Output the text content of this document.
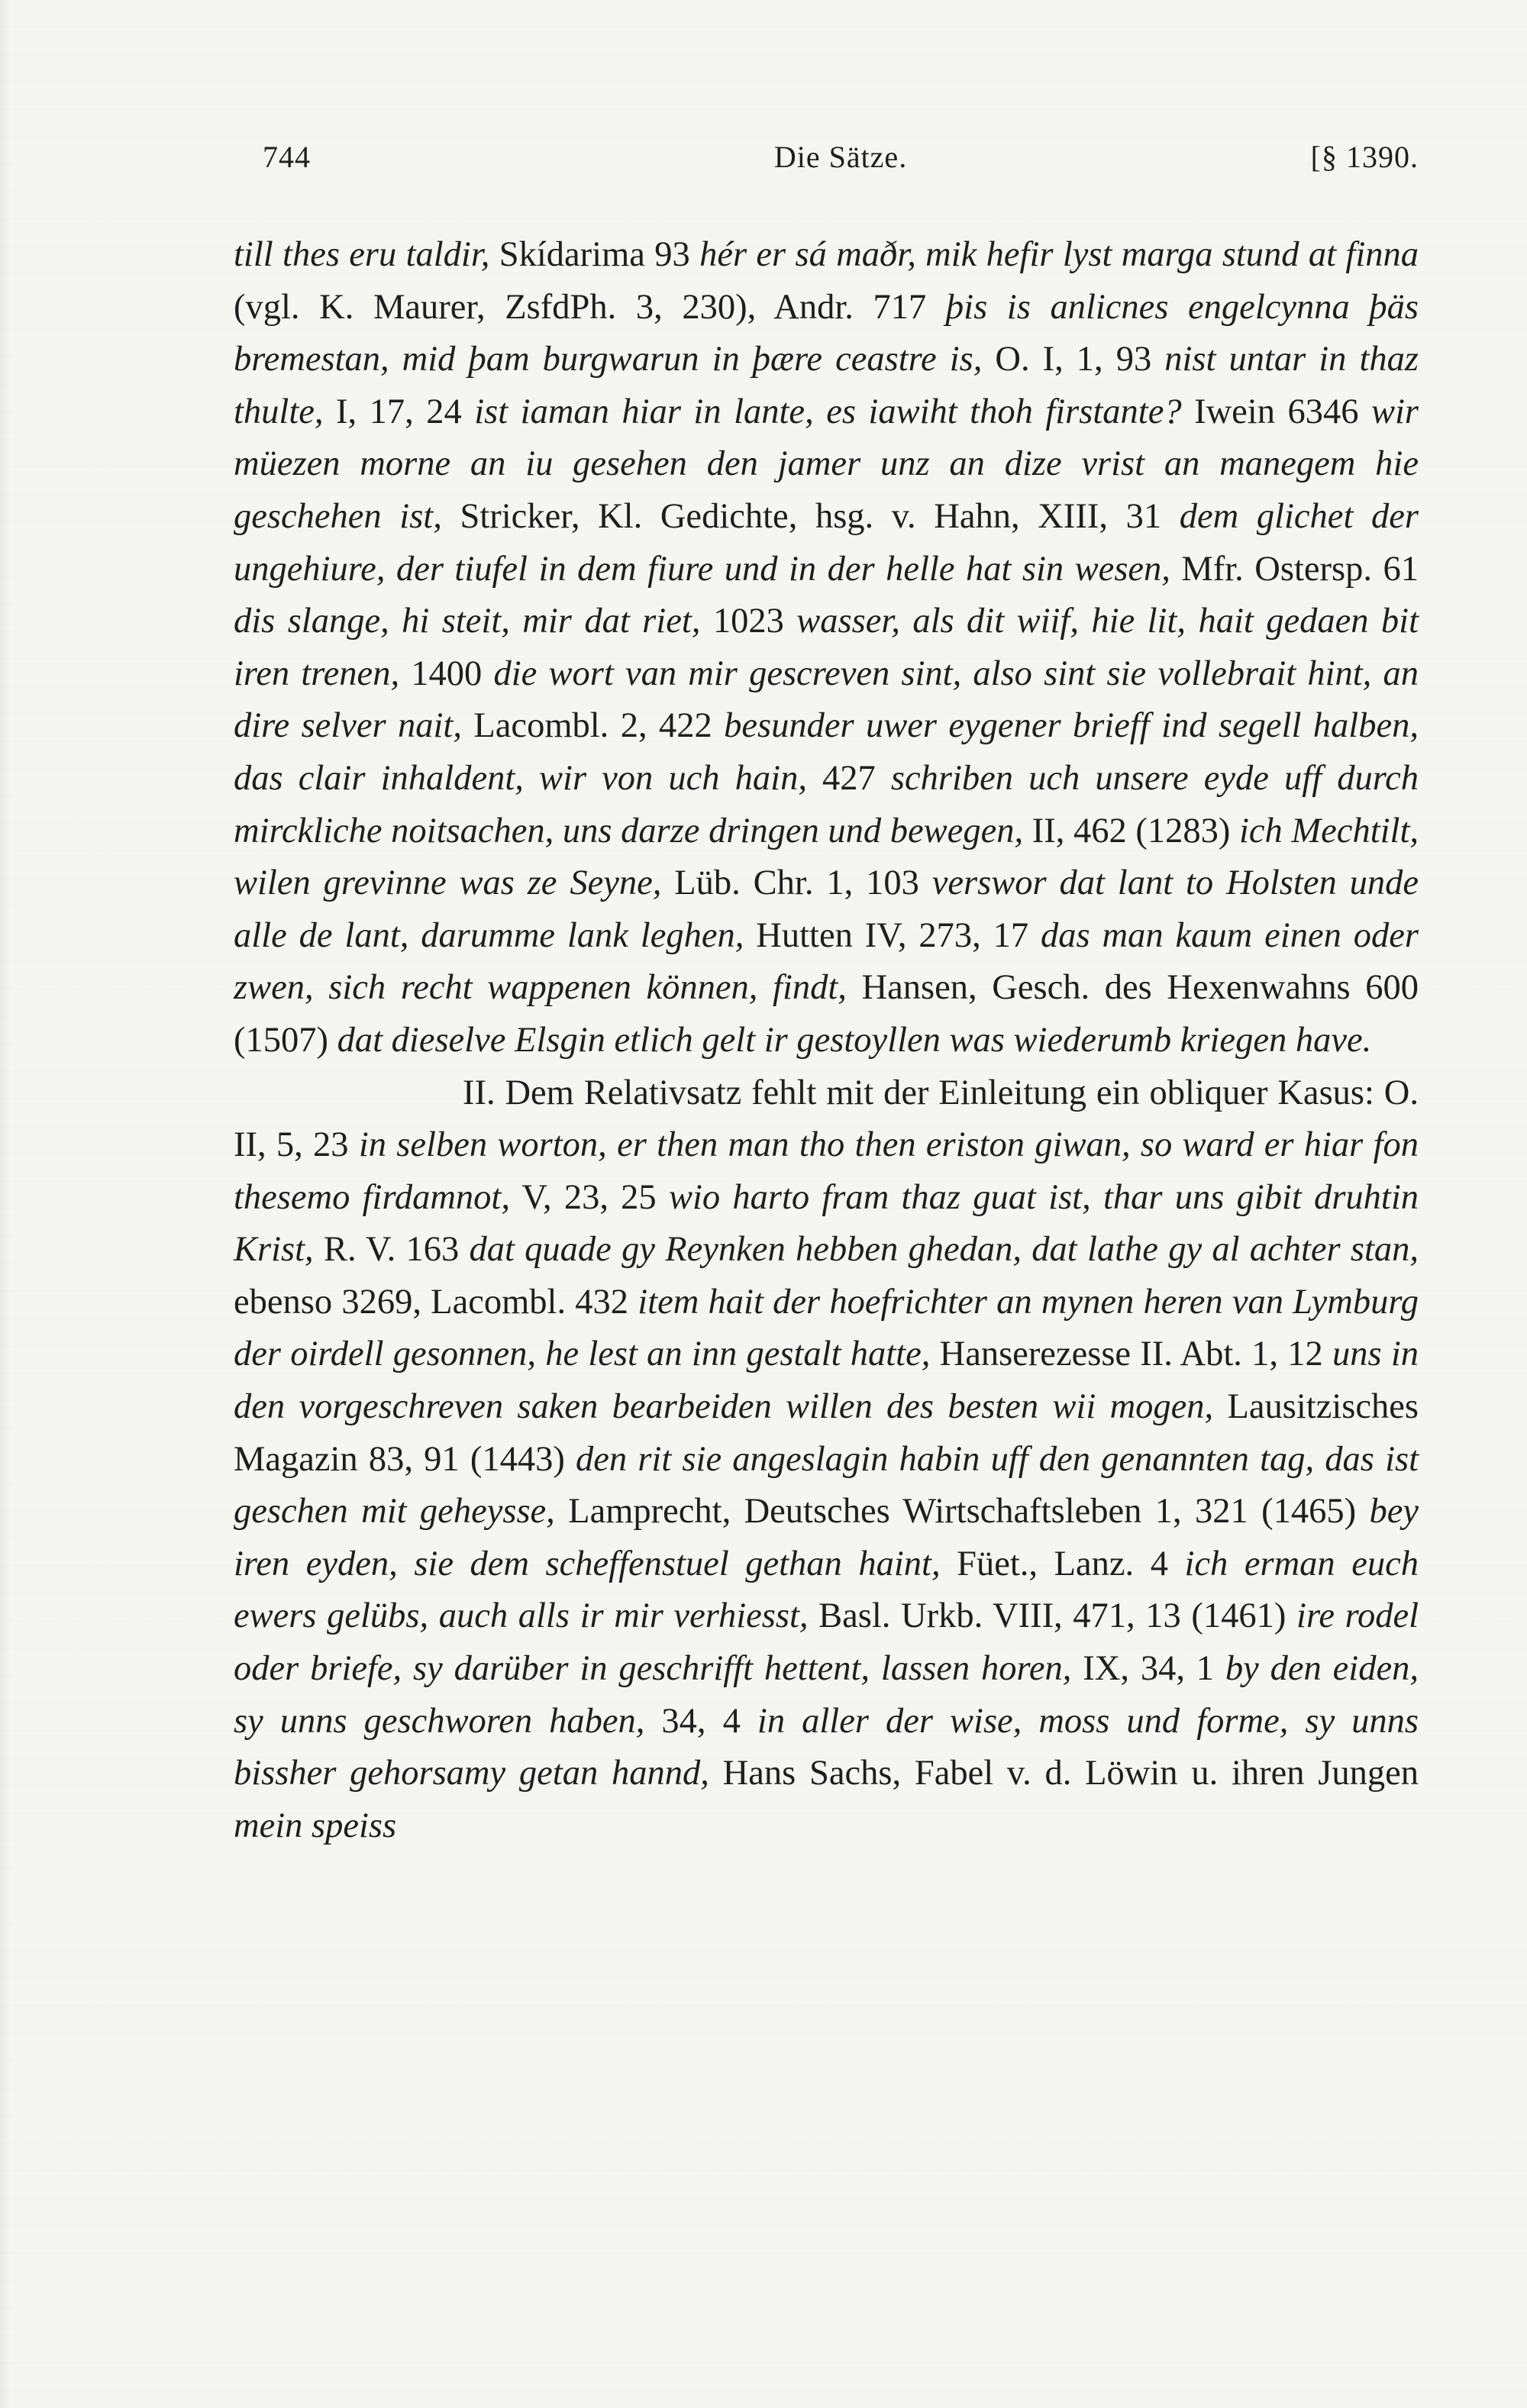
744	Die Sätze.	[§ 1390.

till thes eru taldir, Skídarima 93 hér er sá maðr, mik hefir lyst marga stund at finna (vgl. K. Maurer, ZsfdPh. 3, 230), Andr. 717 þis is anlicnes engelcynna þäs bremestan, mid þam burgwarun in þære ceastre is, O. I, 1, 93 nist untar in thaz thulte, I, 17, 24 ist iaman hiar in lante, es iawiht thoh firstante? Iwein 6346 wir müezen morne an iu gesehen den jamer unz an dize vrist an manegem hie geschehen ist, Stricker, Kl. Gedichte, hsg. v. Hahn, XIII, 31 dem glichet der ungehiure, der tiufel in dem fiure und in der helle hat sin wesen, Mfr. Ostersp. 61 dis slange, hi steit, mir dat riet, 1023 wasser, als dit wiif, hie lit, hait gedaen bit iren trenen, 1400 die wort van mir gescreven sint, also sint sie vollebrait hint, an dire selver nait, Lacombl. 2, 422 besunder uwer eygener brieff ind segell halben, das clair inhaldent, wir von uch hain, 427 schriben uch unsere eyde uff durch mirckliche noitsachen, uns darze dringen und bewegen, II, 462 (1283) ich Mechtilt, wilen grevinne was ze Seyne, Lüb. Chr. 1, 103 verswor dat lant to Holsten unde alle de lant, darumme lank leghen, Hutten IV, 273, 17 das man kaum einen oder zwen, sich recht wappenen können, findt, Hansen, Gesch. des Hexenwahns 600 (1507) dat dieselve Elsgin etlich gelt ir gestoyllen was wiederumb kriegen have.

II. Dem Relativsatz fehlt mit der Einleitung ein obliquer Kasus: O. II, 5, 23 in selben worton, er then man tho then eriston giwan, so ward er hiar fon thesemo firdamnot, V, 23, 25 wio harto fram thaz guat ist, thar uns gibit druhtin Krist, R. V. 163 dat quade gy Reynken hebben ghedan, dat lathe gy al achter stan, ebenso 3269, Lacombl. 432 item hait der hoefrichter an mynen heren van Lymburg der oirdell gesonnen, he lest an inn gestalt hatte, Hanserezesse II. Abt. 1, 12 uns in den vorgeschreven saken bearbeiden willen des besten wii mogen, Lausitzisches Magazin 83, 91 (1443) den rit sie angeslagin habin uff den genannten tag, das ist geschen mit geheysse, Lamprecht, Deutsches Wirtschaftsleben 1, 321 (1465) bey iren eyden, sie dem scheffenstuel gethan haint, Füet., Lanz. 4 ich erman euch ewers gelübs, auch alls ir mir verhiesst, Basl. Urkb. VIII, 471, 13 (1461) ire rodel oder briefe, sy darüber in geschrifft hettent, lassen horen, IX, 34, 1 by den eiden, sy unns geschworen haben, 34, 4 in aller der wise, moss und forme, sy unns bissher gehorsamy getan hannd, Hans Sachs, Fabel v. d. Löwin u. ihren Jungen mein speiss
